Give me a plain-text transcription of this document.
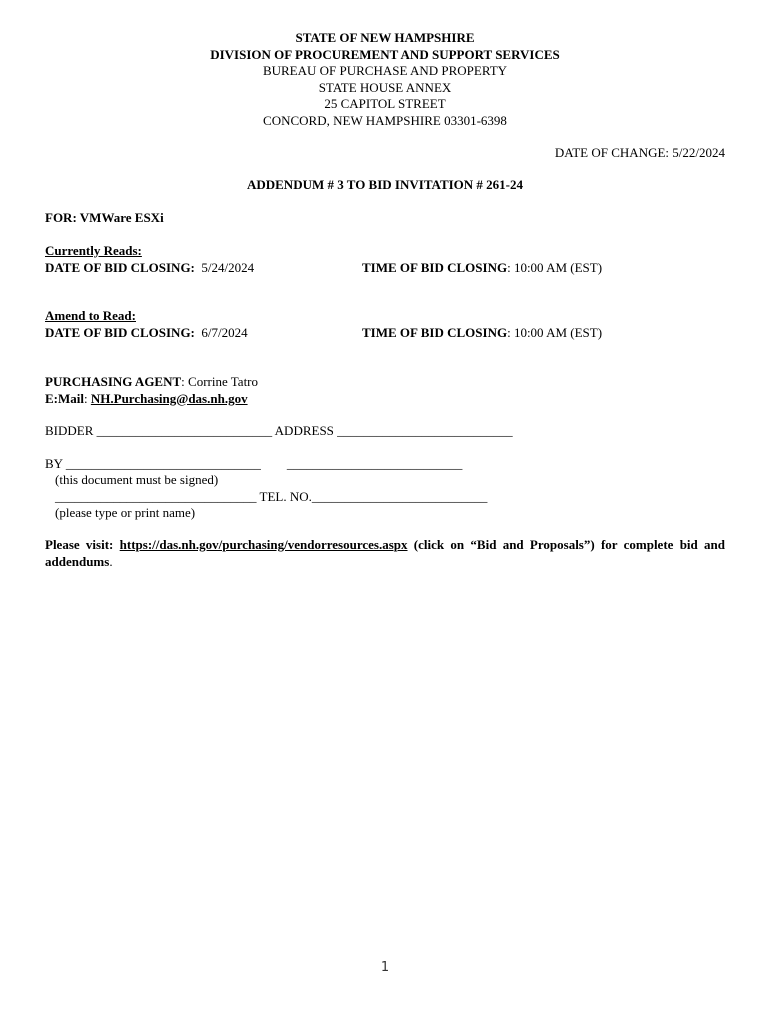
STATE OF NEW HAMPSHIRE
DIVISION OF PROCUREMENT AND SUPPORT SERVICES
BUREAU OF PURCHASE AND PROPERTY
STATE HOUSE ANNEX
25 CAPITOL STREET
CONCORD, NEW HAMPSHIRE 03301-6398
DATE OF CHANGE: 5/22/2024
ADDENDUM # 3 TO BID INVITATION # 261-24
FOR: VMWare ESXi
Currently Reads:
DATE OF BID CLOSING: 5/24/2024	TIME OF BID CLOSING: 10:00 AM (EST)
Amend to Read:
DATE OF BID CLOSING: 6/7/2024	TIME OF BID CLOSING: 10:00 AM (EST)
PURCHASING AGENT: Corrine Tatro
E:Mail: NH.Purchasing@das.nh.gov
BIDDER ___________________________ ADDRESS ___________________________
BY ______________________________        ___________________________
(this document must be signed)
_______________________________ TEL. NO.___________________________
(please type or print name)
Please visit: https://das.nh.gov/purchasing/vendorresources.aspx (click on “Bid and Proposals”) for complete bid and addendums.
1
